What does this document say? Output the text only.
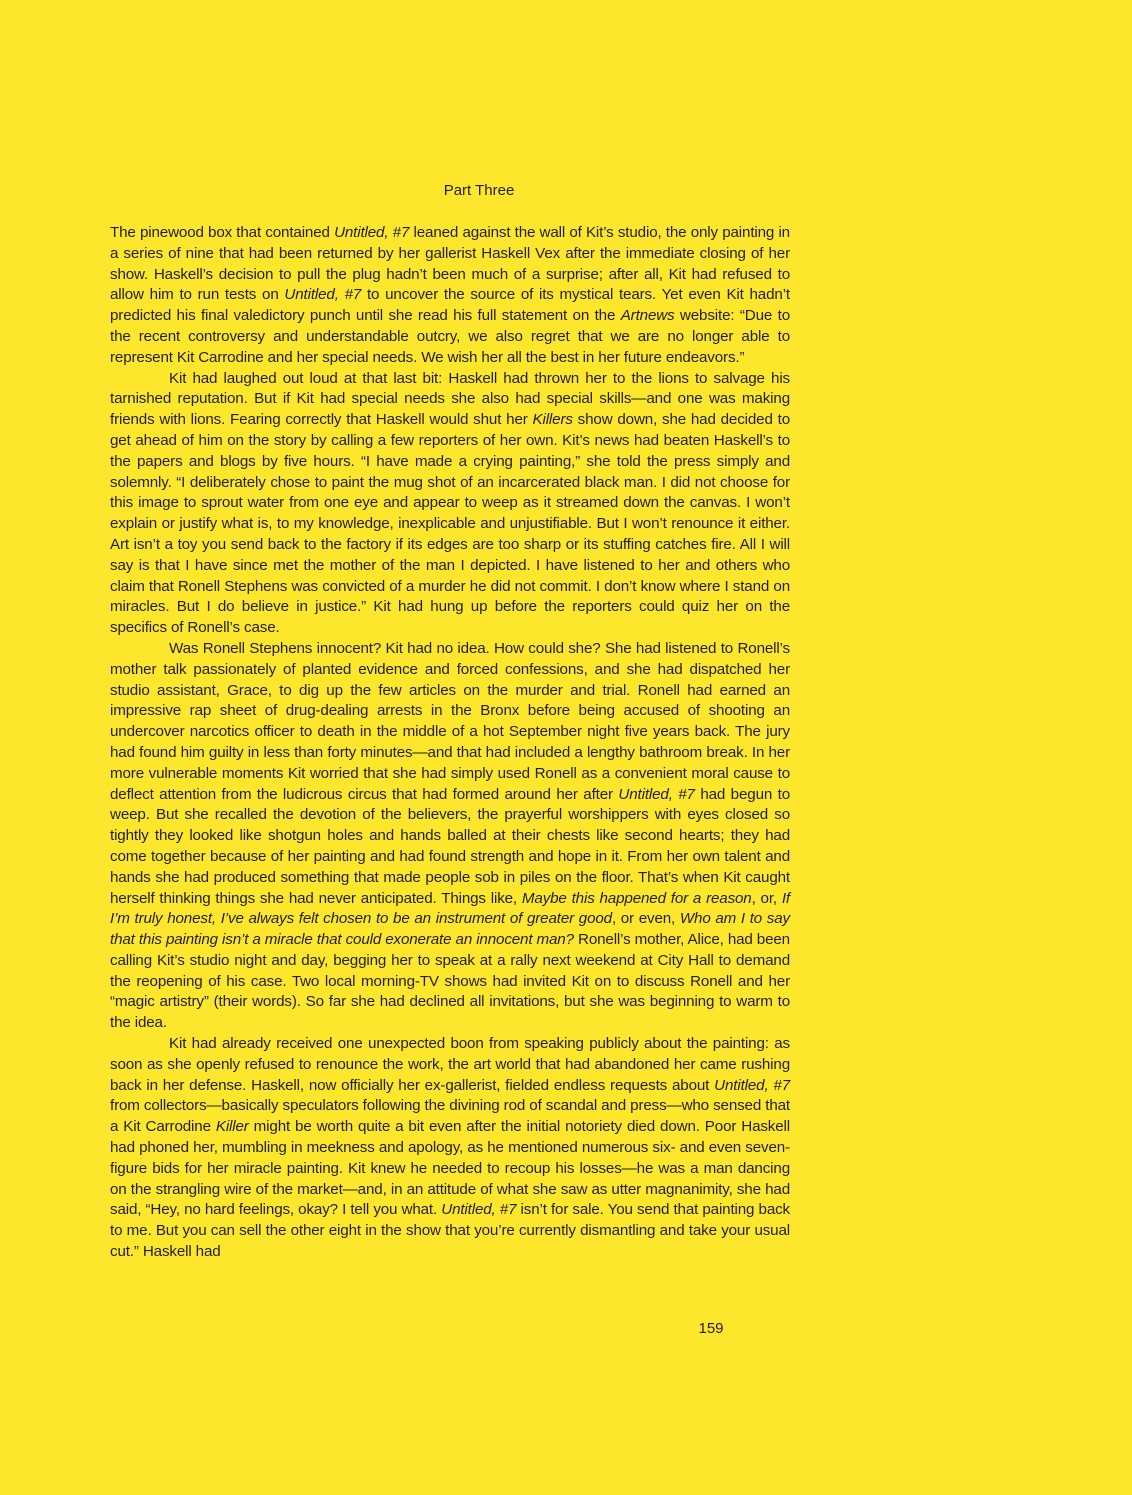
Part Three

The pinewood box that contained Untitled, #7 leaned against the wall of Kit’s studio, the only painting in a series of nine that had been returned by her gallerist Haskell Vex after the immediate closing of her show. Haskell’s decision to pull the plug hadn’t been much of a surprise; after all, Kit had refused to allow him to run tests on Untitled, #7 to uncover the source of its mystical tears. Yet even Kit hadn’t predicted his final valedictory punch until she read his full statement on the Artnews website: “Due to the recent controversy and understandable outcry, we also regret that we are no longer able to represent Kit Carrodine and her special needs. We wish her all the best in her future endeavors.”

Kit had laughed out loud at that last bit: Haskell had thrown her to the lions to salvage his tarnished reputation. But if Kit had special needs she also had special skills—and one was making friends with lions. Fearing correctly that Haskell would shut her Killers show down, she had decided to get ahead of him on the story by calling a few reporters of her own. Kit’s news had beaten Haskell’s to the papers and blogs by five hours. “I have made a crying painting,” she told the press simply and solemnly. “I deliberately chose to paint the mug shot of an incarcerated black man. I did not choose for this image to sprout water from one eye and appear to weep as it streamed down the canvas. I won’t explain or justify what is, to my knowledge, inexplicable and unjustifiable. But I won’t renounce it either. Art isn’t a toy you send back to the factory if its edges are too sharp or its stuffing catches fire. All I will say is that I have since met the mother of the man I depicted. I have listened to her and others who claim that Ronell Stephens was convicted of a murder he did not commit. I don’t know where I stand on miracles. But I do believe in justice.” Kit had hung up before the reporters could quiz her on the specifics of Ronell’s case.

Was Ronell Stephens innocent? Kit had no idea. How could she? She had listened to Ronell’s mother talk passionately of planted evidence and forced confessions, and she had dispatched her studio assistant, Grace, to dig up the few articles on the murder and trial. Ronell had earned an impressive rap sheet of drug-dealing arrests in the Bronx before being accused of shooting an undercover narcotics officer to death in the middle of a hot September night five years back. The jury had found him guilty in less than forty minutes—and that had included a lengthy bathroom break. In her more vulnerable moments Kit worried that she had simply used Ronell as a convenient moral cause to deflect attention from the ludicrous circus that had formed around her after Untitled, #7 had begun to weep. But she recalled the devotion of the believers, the prayerful worshippers with eyes closed so tightly they looked like shotgun holes and hands balled at their chests like second hearts; they had come together because of her painting and had found strength and hope in it. From her own talent and hands she had produced something that made people sob in piles on the floor. That’s when Kit caught herself thinking things she had never anticipated. Things like, Maybe this happened for a reason, or, If I’m truly honest, I’ve always felt chosen to be an instrument of greater good, or even, Who am I to say that this painting isn’t a miracle that could exonerate an innocent man? Ronell’s mother, Alice, had been calling Kit’s studio night and day, begging her to speak at a rally next weekend at City Hall to demand the reopening of his case. Two local morning-TV shows had invited Kit on to discuss Ronell and her “magic artistry” (their words). So far she had declined all invitations, but she was beginning to warm to the idea.

Kit had already received one unexpected boon from speaking publicly about the painting: as soon as she openly refused to renounce the work, the art world that had abandoned her came rushing back in her defense. Haskell, now officially her ex-gallerist, fielded endless requests about Untitled, #7 from collectors—basically speculators following the divining rod of scandal and press—who sensed that a Kit Carrodine Killer might be worth quite a bit even after the initial notoriety died down. Poor Haskell had phoned her, mumbling in meekness and apology, as he mentioned numerous six- and even seven-figure bids for her miracle painting. Kit knew he needed to recoup his losses—he was a man dancing on the strangling wire of the market—and, in an attitude of what she saw as utter magnanimity, she had said, “Hey, no hard feelings, okay? I tell you what. Untitled, #7 isn’t for sale. You send that painting back to me. But you can sell the other eight in the show that you’re currently dismantling and take your usual cut.” Haskell had

159
